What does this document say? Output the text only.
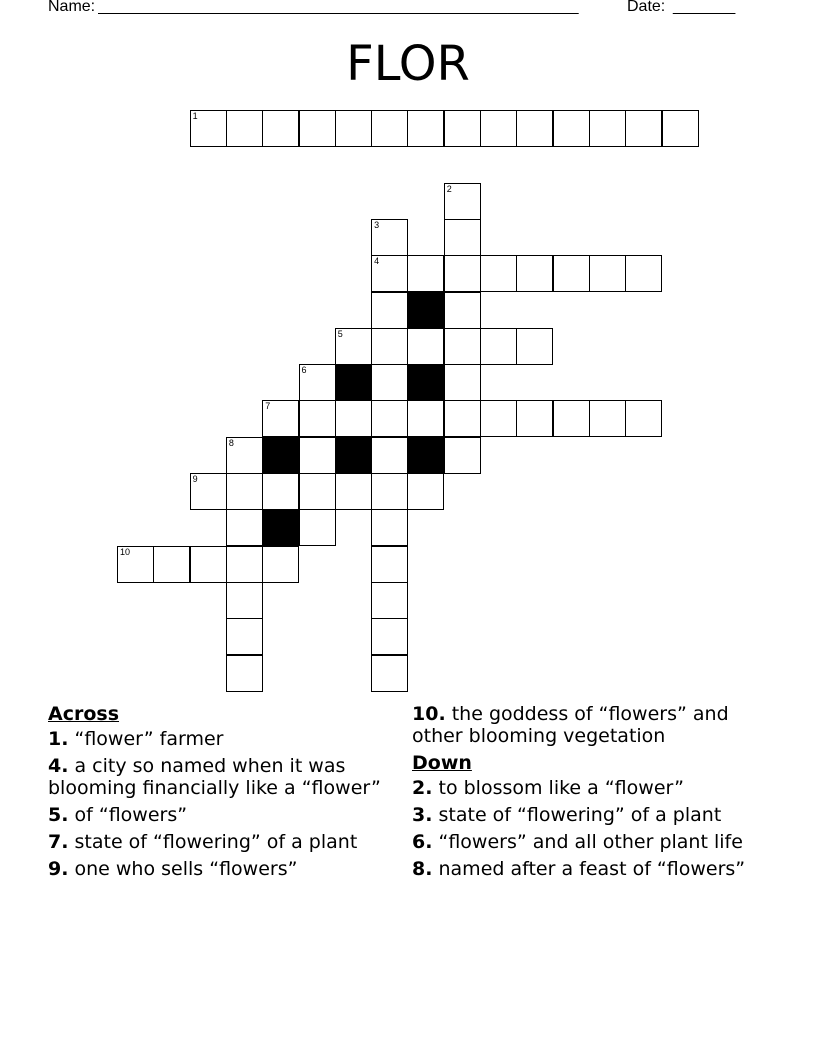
Name: ______________________________________________________	Date: _______
FLOR
1
2
3
4
5
6
7
8
9
10
Across
1. “flower” farmer
4. a city so named when it was blooming financially like a “flower”
5. of “flowers”
7. state of “flowering” of a plant
9. one who sells “flowers”
10. the goddess of “flowers” and other blooming vegetation
Down
2. to blossom like a “flower”
3. state of “flowering” of a plant
6. “flowers” and all other plant life
8. named after a feast of “flowers”
